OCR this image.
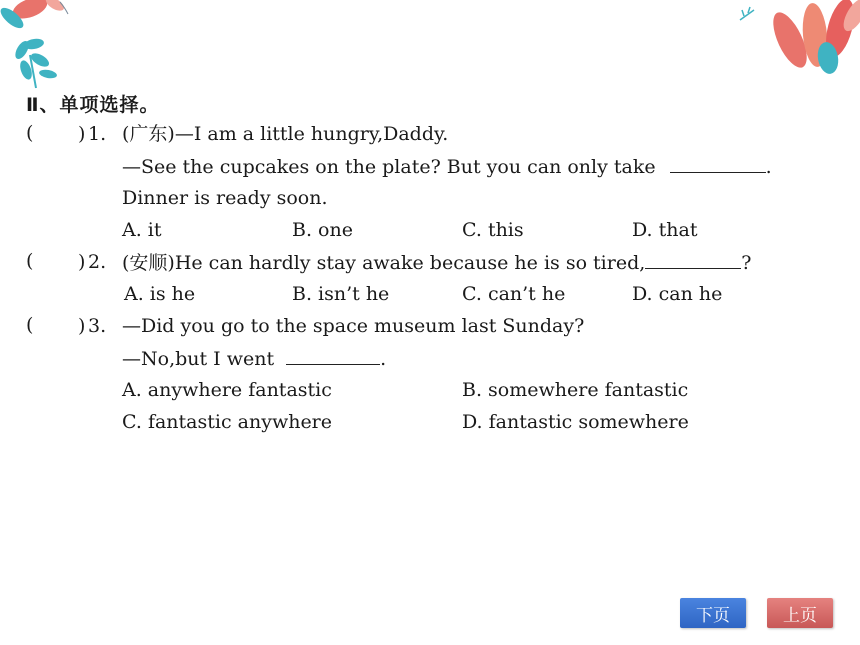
Ⅱ、单项选择。
( ) 1. (广东)—I am a little hungry,Daddy.
—See the cupcakes on the plate? But you can only take	.
Dinner is ready soon.
A. it	B. one	C. this	D. that
( ) 2. (安顺)He can hardly stay awake because he is so tired,	?
A. is he	B. isn’t he	C. can’t he	D. can he
( ) 3. —Did you go to the space museum last Sunday?
—No,but I went	.
A. anywhere fantastic	B. somewhere fantastic
C. fantastic anywhere	D. fantastic somewhere
下页	上页
